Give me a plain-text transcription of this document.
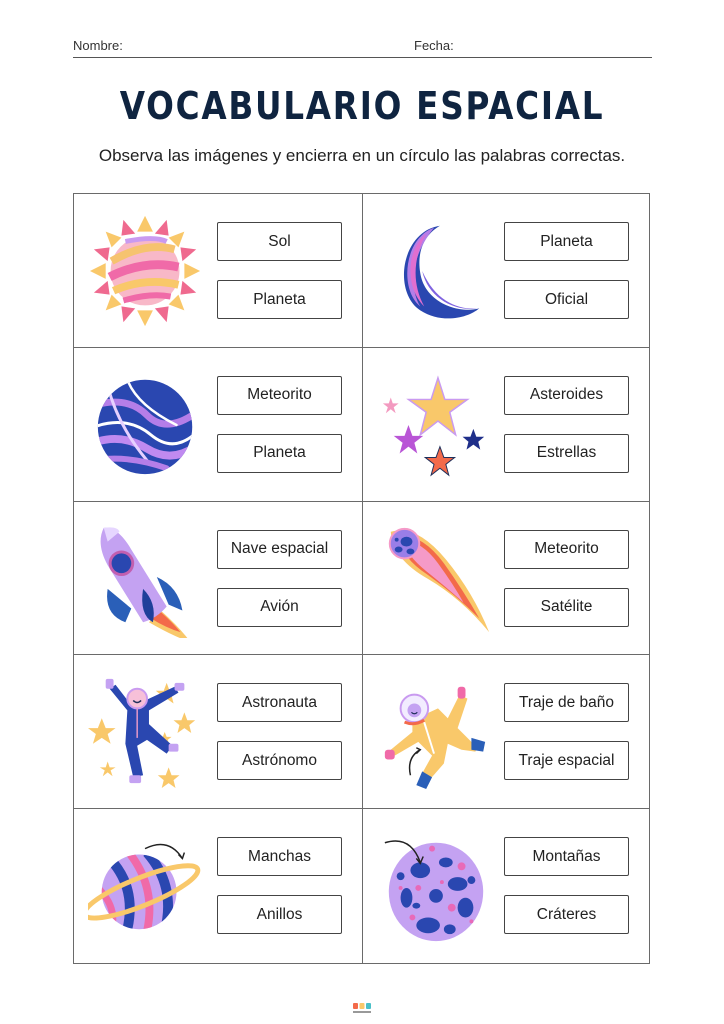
Nombre:	Fecha:
VOCABULARIO ESPACIAL
Observa las imágenes y encierra en un círculo las palabras correctas.
Sol
Planeta
Planeta
Oficial
Meteorito
Planeta
Asteroides
Estrellas
Nave espacial
Avión
Meteorito
Satélite
Astronauta
Astrónomo
Traje de baño
Traje espacial
Manchas
Anillos
Montañas
Cráteres
